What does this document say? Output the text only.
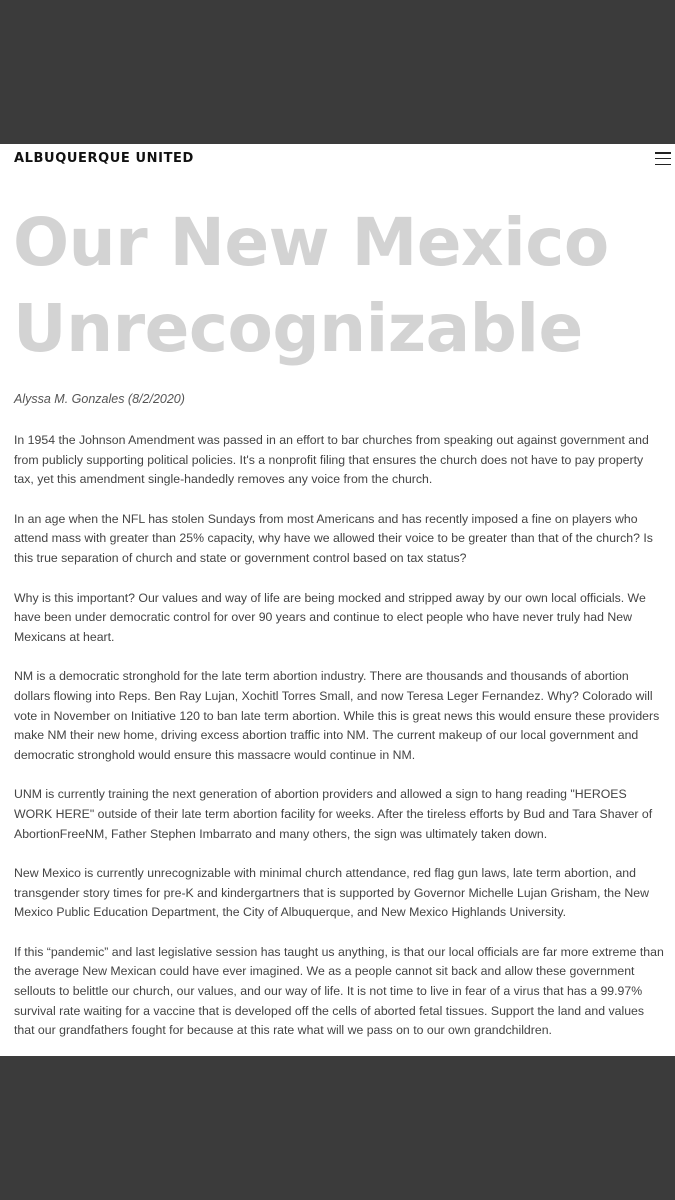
ALBUQUERQUE UNITED
Our New Mexico
Unrecognizable

Alyssa M. Gonzales (8/2/2020)

In 1954 the Johnson Amendment was passed in an effort to bar churches from speaking out against government and from publicly supporting political policies. It's a nonprofit filing that ensures the church does not have to pay property tax, yet this amendment single-handedly removes any voice from the church.

In an age when the NFL has stolen Sundays from most Americans and has recently imposed a fine on players who attend mass with greater than 25% capacity, why have we allowed their voice to be greater than that of the church? Is this true separation of church and state or government control based on tax status?

Why is this important? Our values and way of life are being mocked and stripped away by our own local officials. We have been under democratic control for over 90 years and continue to elect people who have never truly had New Mexicans at heart.

NM is a democratic stronghold for the late term abortion industry. There are thousands and thousands of abortion dollars flowing into Reps. Ben Ray Lujan, Xochitl Torres Small, and now Teresa Leger Fernandez. Why? Colorado will vote in November on Initiative 120 to ban late term abortion. While this is great news this would ensure these providers make NM their new home, driving excess abortion traffic into NM. The current makeup of our local government and democratic stronghold would ensure this massacre would continue in NM.

UNM is currently training the next generation of abortion providers and allowed a sign to hang reading "HEROES WORK HERE" outside of their late term abortion facility for weeks. After the tireless efforts by Bud and Tara Shaver of AbortionFreeNM, Father Stephen Imbarrato and many others, the sign was ultimately taken down.

New Mexico is currently unrecognizable with minimal church attendance, red flag gun laws, late term abortion, and transgender story times for pre-K and kindergartners that is supported by Governor Michelle Lujan Grisham, the New Mexico Public Education Department, the City of Albuquerque, and New Mexico Highlands University.

If this “pandemic” and last legislative session has taught us anything, is that our local officials are far more extreme than the average New Mexican could have ever imagined. We as a people cannot sit back and allow these government sellouts to belittle our church, our values, and our way of life. It is not time to live in fear of a virus that has a 99.97% survival rate waiting for a vaccine that is developed off the cells of aborted fetal tissues. Support the land and values that our grandfathers fought for because at this rate what will we pass on to our own grandchildren.
